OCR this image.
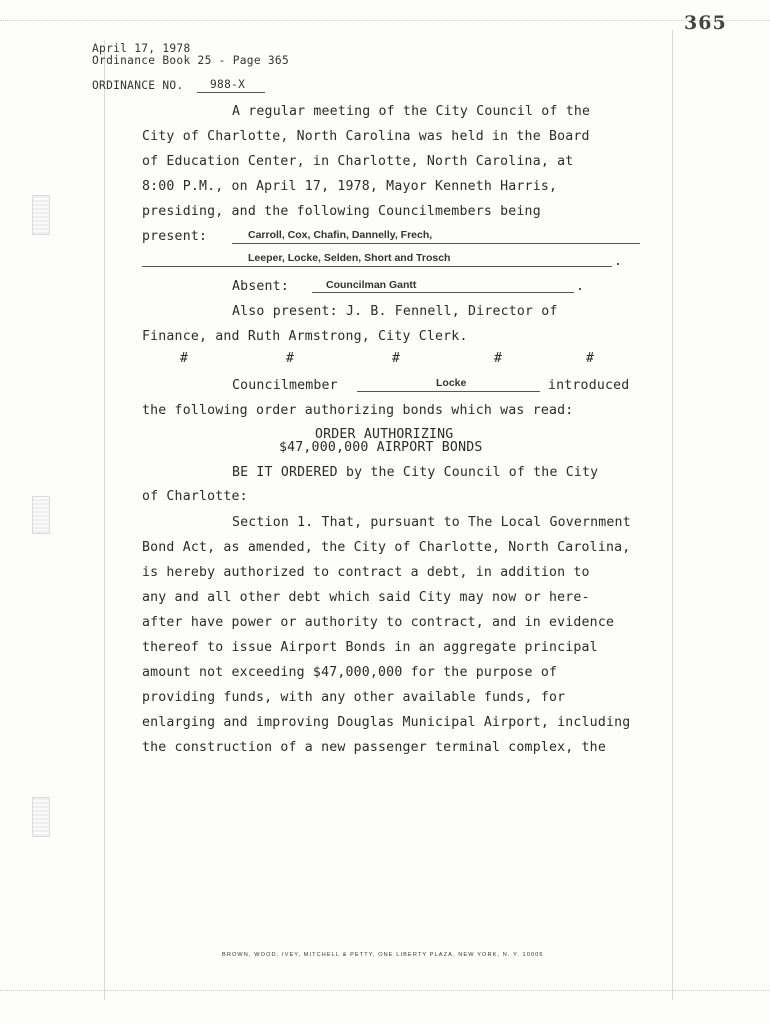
365
April 17, 1978
Ordinance Book 25 - Page 365
ORDINANCE NO. 988-X
A regular meeting of the City Council of the
City of Charlotte, North Carolina was held in the Board
of Education Center, in Charlotte, North Carolina, at
8:00 P.M., on April 17, 1978, Mayor Kenneth Harris,
presiding, and the following Councilmembers being
present:	Carroll, Cox, Chafin, Dannelly, Frech,
Leeper, Locke, Selden, Short and Trosch	.
Absent:	Councilman Gantt	.
Also present: J. B. Fennell, Director of
Finance, and Ruth Armstrong, City Clerk.
#	#	#	#	#
Councilmember	Locke	introduced
the following order authorizing bonds which was read:
ORDER AUTHORIZING
$47,000,000 AIRPORT BONDS
BE IT ORDERED by the City Council of the City
of Charlotte:
Section 1. That, pursuant to The Local Government
Bond Act, as amended, the City of Charlotte, North Carolina,
is hereby authorized to contract a debt, in addition to
any and all other debt which said City may now or here-
after have power or authority to contract, and in evidence
thereof to issue Airport Bonds in an aggregate principal
amount not exceeding $47,000,000 for the purpose of
providing funds, with any other available funds, for
enlarging and improving Douglas Municipal Airport, including
the construction of a new passenger terminal complex, the
BROWN, WOOD, IVEY, MITCHELL & PETTY, ONE LIBERTY PLAZA, NEW YORK, N. Y. 10006
